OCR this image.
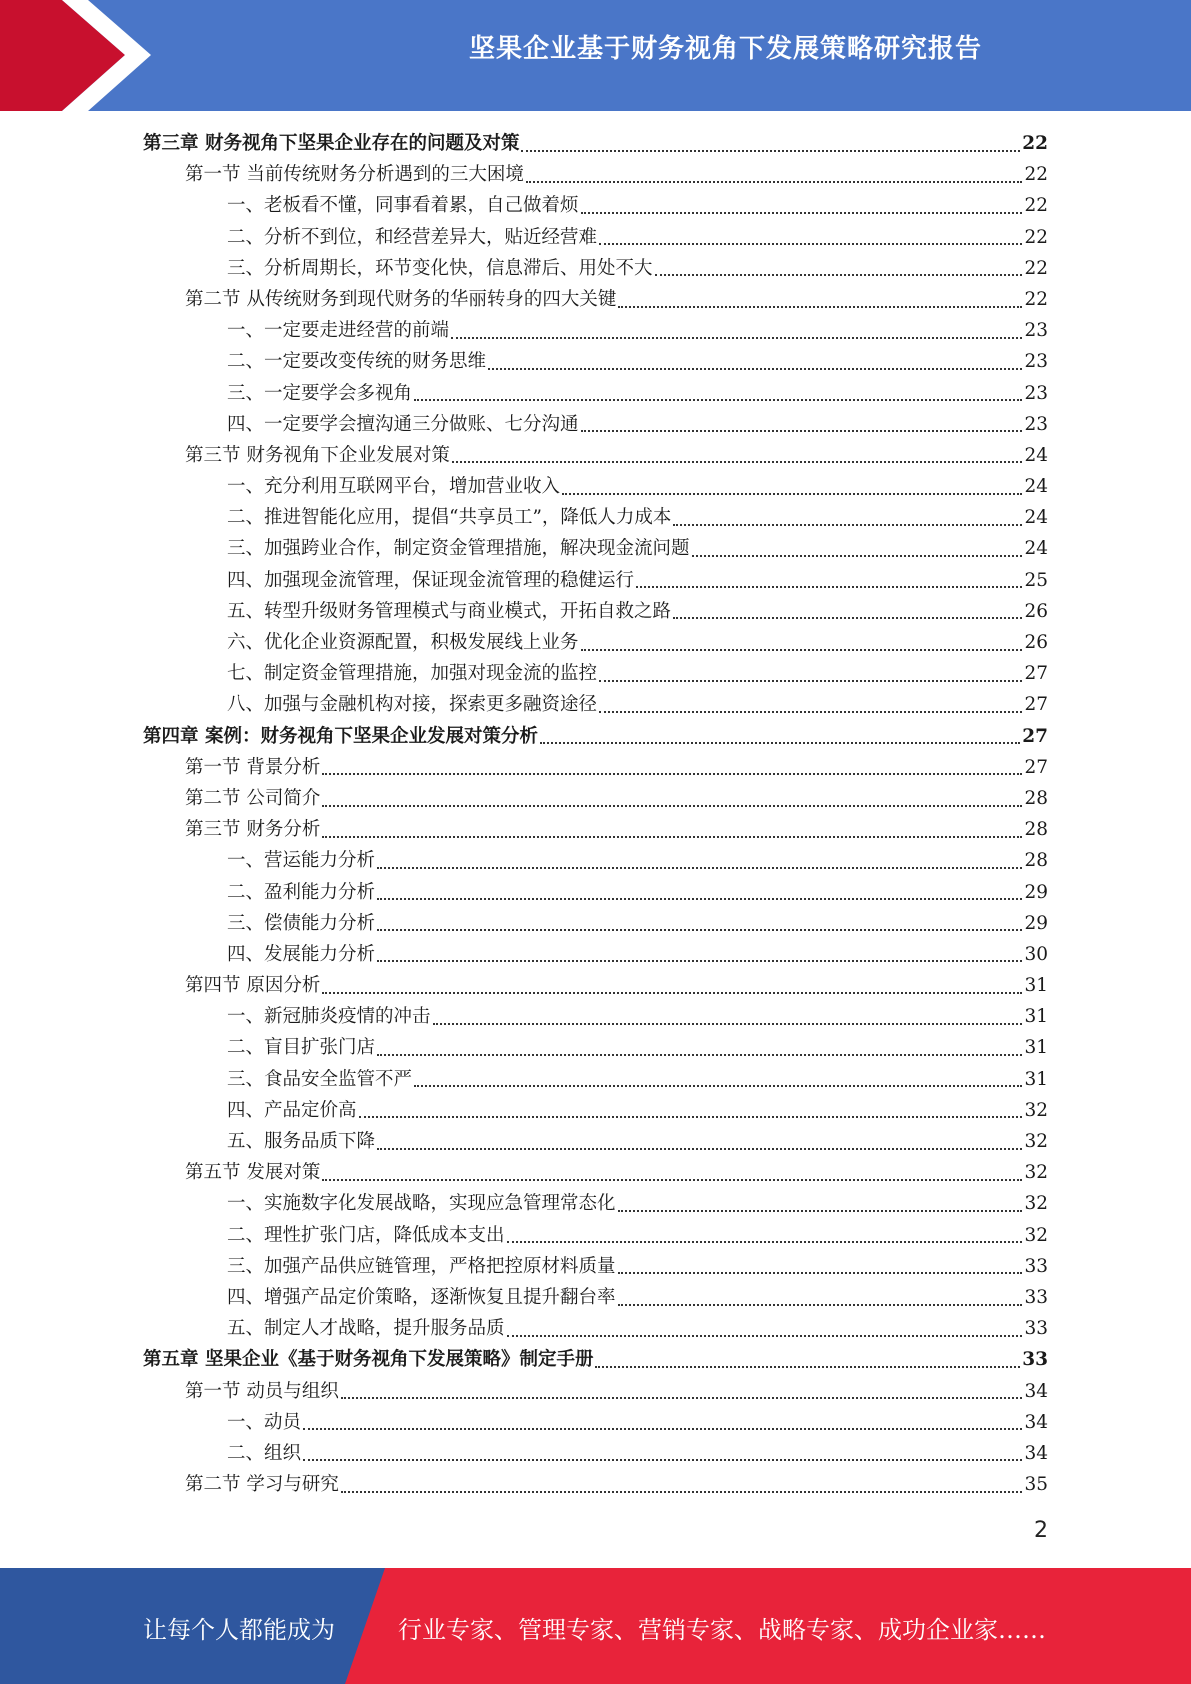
坚果企业基于财务视角下发展策略研究报告
第三章 财务视角下坚果企业存在的问题及对策	22
第一节 当前传统财务分析遇到的三大困境	22
一、老板看不懂，同事看着累，自己做着烦	22
二、分析不到位，和经营差异大，贴近经营难	22
三、分析周期长，环节变化快，信息滞后、用处不大	22
第二节 从传统财务到现代财务的华丽转身的四大关键	22
一、一定要走进经营的前端	23
二、一定要改变传统的财务思维	23
三、一定要学会多视角	23
四、一定要学会擅沟通三分做账、七分沟通	23
第三节 财务视角下企业发展对策	24
一、充分利用互联网平台，增加营业收入	24
二、推进智能化应用，提倡“共享员工”，降低人力成本	24
三、加强跨业合作，制定资金管理措施，解决现金流问题	24
四、加强现金流管理，保证现金流管理的稳健运行	25
五、转型升级财务管理模式与商业模式，开拓自救之路	26
六、优化企业资源配置，积极发展线上业务	26
七、制定资金管理措施，加强对现金流的监控	27
八、加强与金融机构对接，探索更多融资途径	27
第四章 案例：财务视角下坚果企业发展对策分析	27
第一节 背景分析	27
第二节 公司简介	28
第三节 财务分析	28
一、营运能力分析	28
二、盈利能力分析	29
三、偿债能力分析	29
四、发展能力分析	30
第四节 原因分析	31
一、新冠肺炎疫情的冲击	31
二、盲目扩张门店	31
三、食品安全监管不严	31
四、产品定价高	32
五、服务品质下降	32
第五节 发展对策	32
一、实施数字化发展战略，实现应急管理常态化	32
二、理性扩张门店，降低成本支出	32
三、加强产品供应链管理，严格把控原材料质量	33
四、增强产品定价策略，逐渐恢复且提升翻台率	33
五、制定人才战略，提升服务品质	33
第五章 坚果企业《基于财务视角下发展策略》制定手册	33
第一节 动员与组织	34
一、动员	34
二、组织	34
第二节 学习与研究	35
2
让每个人都能成为	行业专家、管理专家、营销专家、战略专家、成功企业家……
